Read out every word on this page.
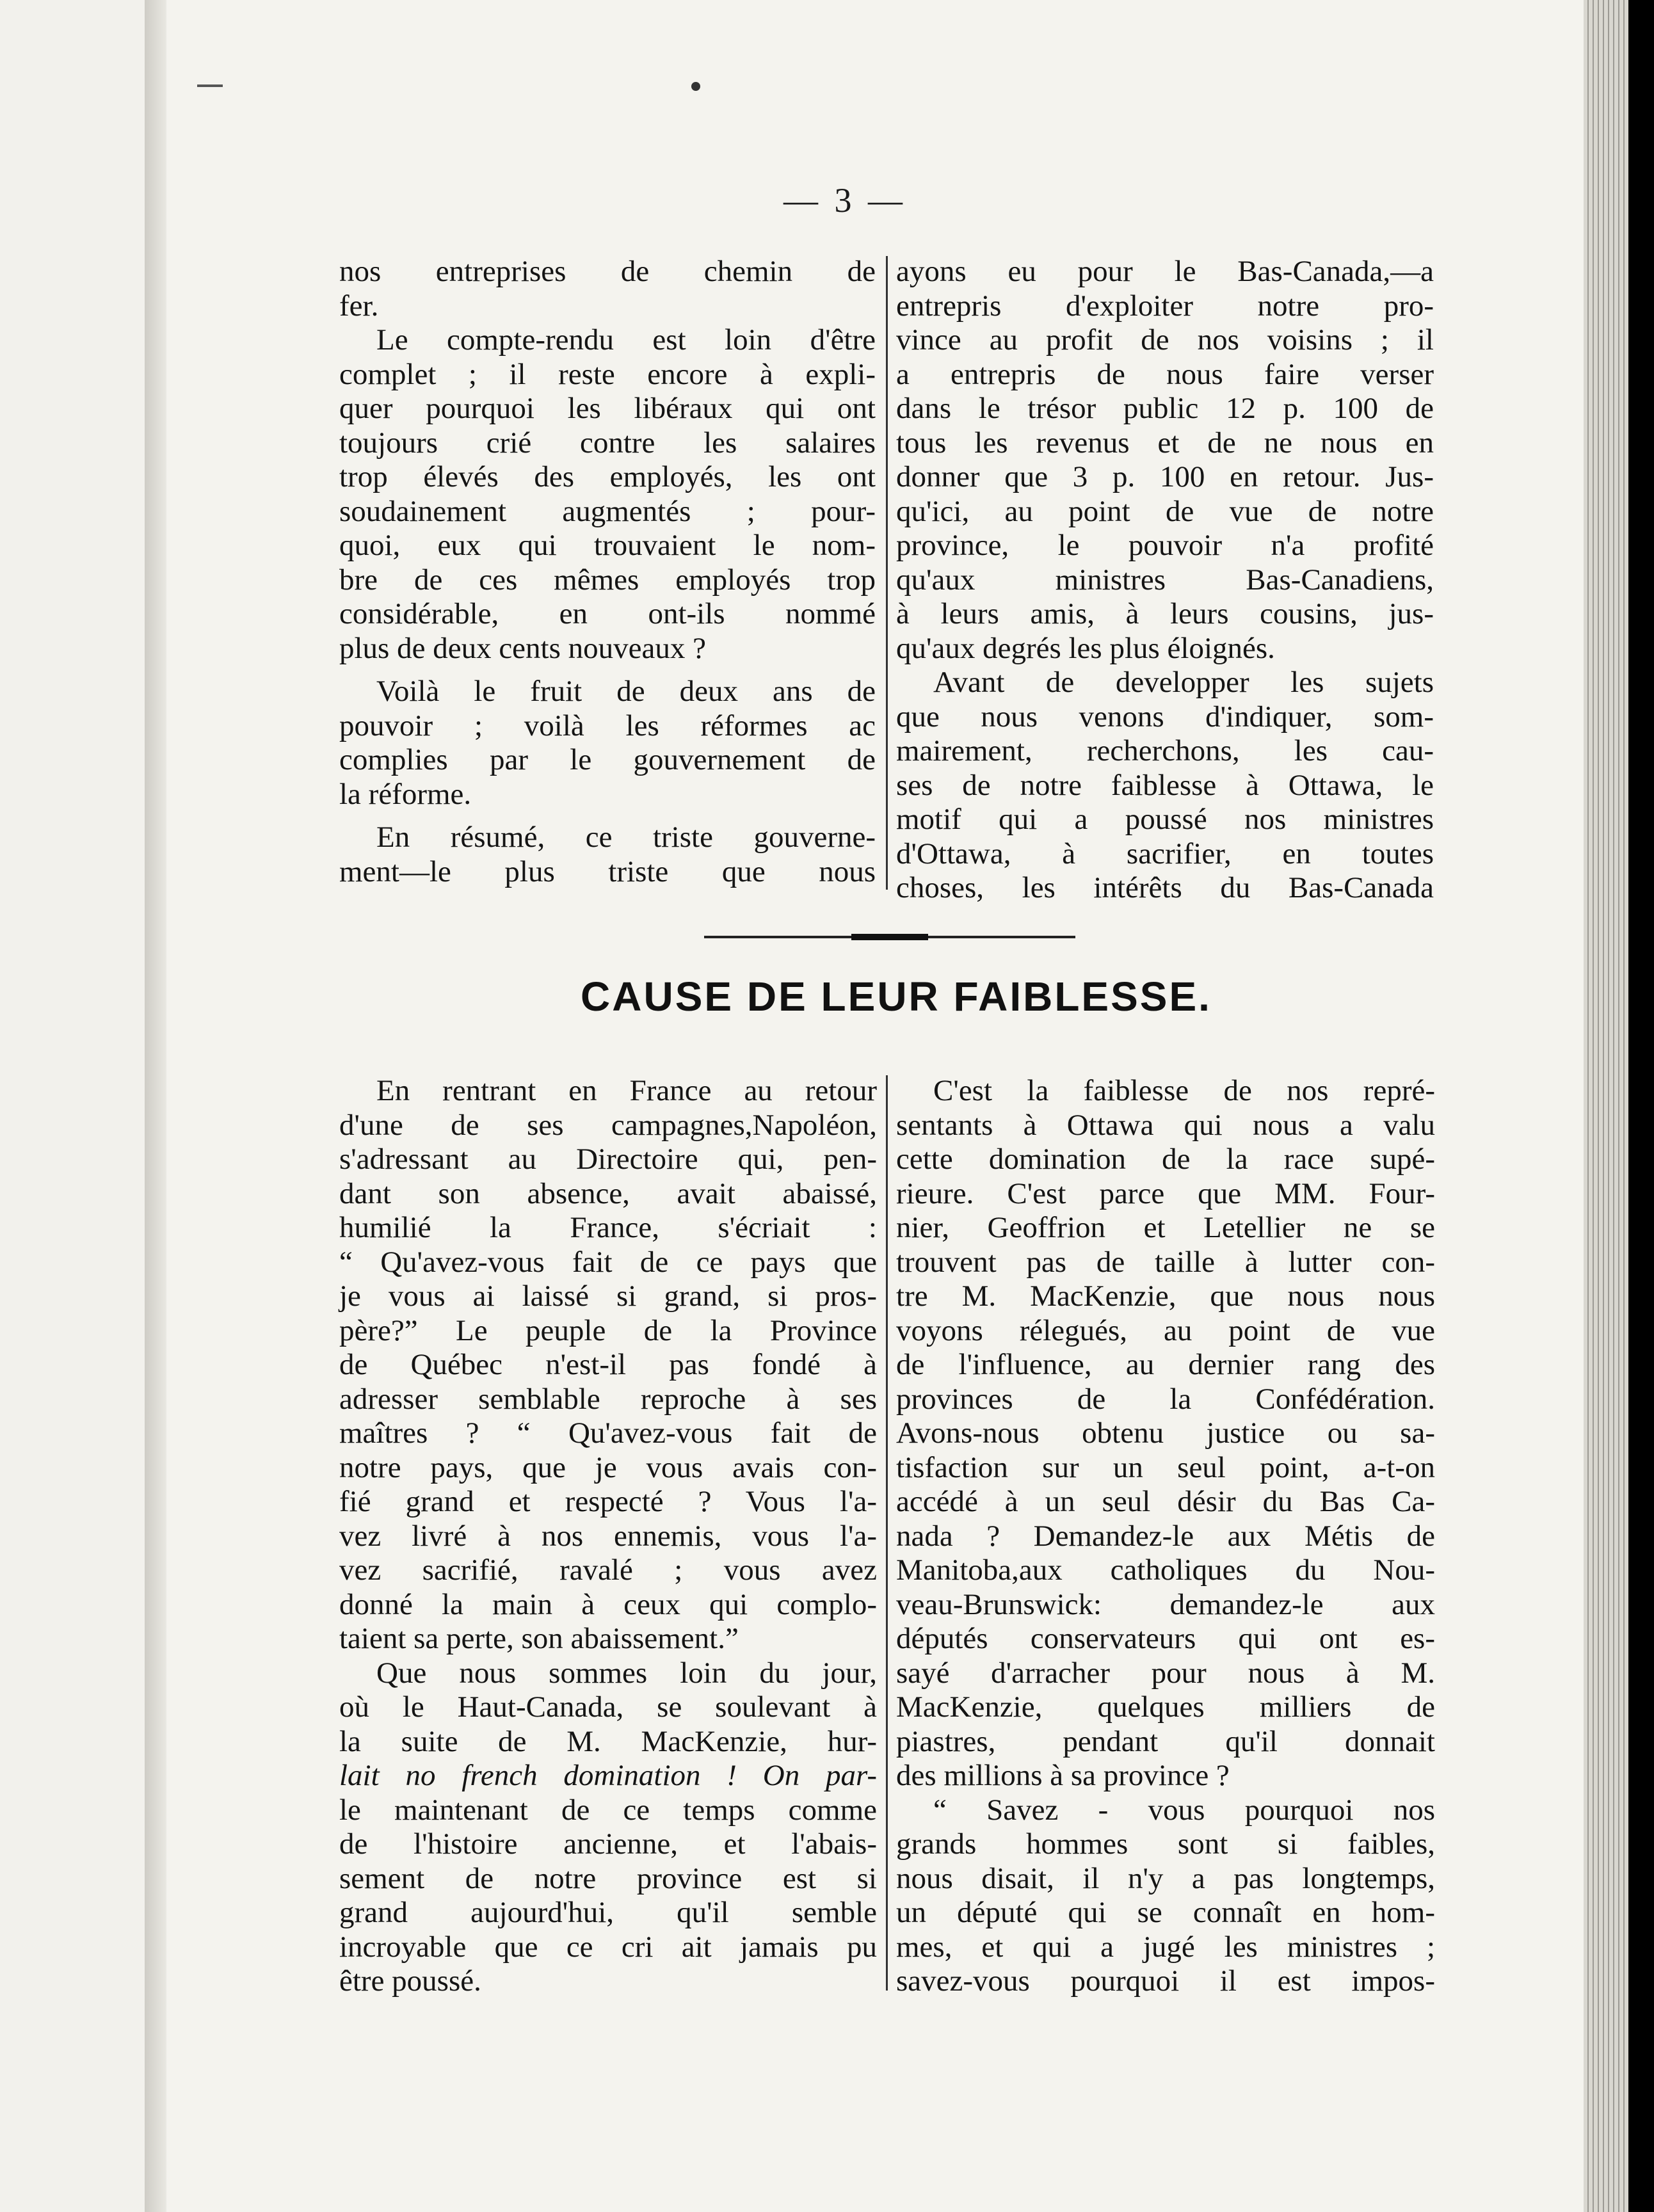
— 3 —
nos entreprises de chemin de
fer.
Le compte-rendu est loin d'être
complet ; il reste encore à expli-
quer pourquoi les libéraux qui ont
toujours crié contre les salaires
trop élevés des employés, les ont
soudainement augmentés ; pour-
quoi, eux qui trouvaient le nom-
bre de ces mêmes employés trop
considérable, en ont-ils nommé
plus de deux cents nouveaux ?
Voilà le fruit de deux ans de
pouvoir ; voilà les réformes ac
complies par le gouvernement de
la réforme.
En résumé, ce triste gouverne-
ment—le plus triste que nous
ayons eu pour le Bas-Canada,—a
entrepris d'exploiter notre pro-
vince au profit de nos voisins ; il
a entrepris de nous faire verser
dans le trésor public 12 p. 100 de
tous les revenus et de ne nous en
donner que 3 p. 100 en retour. Jus-
qu'ici, au point de vue de notre
province, le pouvoir n'a profité
qu'aux ministres Bas-Canadiens,
à leurs amis, à leurs cousins, jus-
qu'aux degrés les plus éloignés.
Avant de developper les sujets
que nous venons d'indiquer, som-
mairement, recherchons, les cau-
ses de notre faiblesse à Ottawa, le
motif qui a poussé nos ministres
d'Ottawa, à sacrifier, en toutes
choses, les intérêts du Bas-Canada
CAUSE DE LEUR FAIBLESSE.
En rentrant en France au retour
d'une de ses campagnes,Napoléon,
s'adressant au Directoire qui, pen-
dant son absence, avait abaissé,
humilié la France, s'écriait :
“ Qu'avez-vous fait de ce pays que
je vous ai laissé si grand, si pros-
père?” Le peuple de la Province
de Québec n'est-il pas fondé à
adresser semblable reproche à ses
maîtres ? “ Qu'avez-vous fait de
notre pays, que je vous avais con-
fié grand et respecté ? Vous l'a-
vez livré à nos ennemis, vous l'a-
vez sacrifié, ravalé ; vous avez
donné la main à ceux qui complo-
taient sa perte, son abaissement.”
Que nous sommes loin du jour,
où le Haut-Canada, se soulevant à
la suite de M. MacKenzie, hur-
lait no french domination ! On par-
le maintenant de ce temps comme
de l'histoire ancienne, et l'abais-
sement de notre province est si
grand aujourd'hui, qu'il semble
incroyable que ce cri ait jamais pu
être poussé.
C'est la faiblesse de nos repré-
sentants à Ottawa qui nous a valu
cette domination de la race supé-
rieure. C'est parce que MM. Four-
nier, Geoffrion et Letellier ne se
trouvent pas de taille à lutter con-
tre M. MacKenzie, que nous nous
voyons rélegués, au point de vue
de l'influence, au dernier rang des
provinces de la Confédération.
Avons-nous obtenu justice ou sa-
tisfaction sur un seul point, a-t-on
accédé à un seul désir du Bas Ca-
nada ? Demandez-le aux Métis de
Manitoba,aux catholiques du Nou-
veau-Brunswick: demandez-le aux
députés conservateurs qui ont es-
sayé d'arracher pour nous à M.
MacKenzie, quelques milliers de
piastres, pendant qu'il donnait
des millions à sa province ?
“ Savez - vous pourquoi nos
grands hommes sont si faibles,
nous disait, il n'y a pas longtemps,
un député qui se connaît en hom-
mes, et qui a jugé les ministres ;
savez-vous pourquoi il est impos-
